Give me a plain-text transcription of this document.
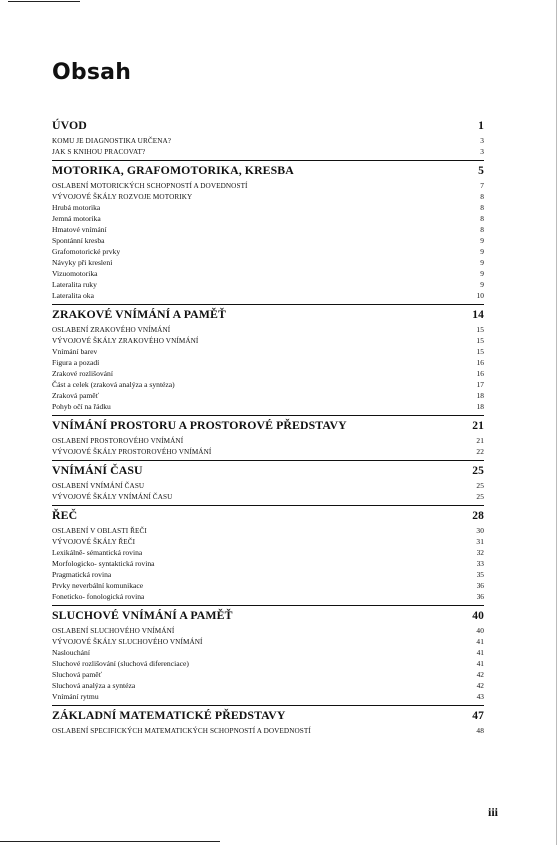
Obsah
ÚVOD	1
KOMU JE DIAGNOSTIKA URČENA?	3
JAK S KNIHOU PRACOVAT?	3
MOTORIKA, GRAFOMOTORIKA, KRESBA	5
OSLABENÍ MOTORICKÝCH SCHOPNOSTÍ A DOVEDNOSTÍ	7
VÝVOJOVÉ ŠKÁLY ROZVOJE MOTORIKY	8
Hrubá motorika	8
Jemná motorika	8
Hmatové vnímání	8
Spontánní kresba	9
Grafomotorické prvky	9
Návyky při kreslení	9
Vizuomotorika	9
Lateralita ruky	9
Lateralita oka	10
ZRAKOVÉ VNÍMÁNÍ A PAMĚŤ	14
OSLABENÍ ZRAKOVÉHO VNÍMÁNÍ	15
VÝVOJOVÉ ŠKÁLY ZRAKOVÉHO VNÍMÁNÍ	15
Vnímání barev	15
Figura a pozadí	16
Zrakové rozlišování	16
Část a celek (zraková analýza a syntéza)	17
Zraková paměť	18
Pohyb očí na řádku	18
VNÍMÁNÍ PROSTORU A PROSTOROVÉ PŘEDSTAVY	21
OSLABENÍ PROSTOROVÉHO VNÍMÁNÍ	21
VÝVOJOVÉ ŠKÁLY PROSTOROVÉHO VNÍMÁNÍ	22
VNÍMÁNÍ ČASU	25
OSLABENÍ VNÍMÁNÍ ČASU	25
VÝVOJOVÉ ŠKÁLY VNÍMÁNÍ ČASU	25
ŘEČ	28
OSLABENÍ V OBLASTI ŘEČI	30
VÝVOJOVÉ ŠKÁLY ŘEČI	31
Lexikálně- sémantická rovina	32
Morfologicko- syntaktická rovina	33
Pragmatická rovina	35
Prvky neverbální komunikace	36
Foneticko- fonologická rovina	36
SLUCHOVÉ VNÍMÁNÍ A PAMĚŤ	40
OSLABENÍ SLUCHOVÉHO VNÍMÁNÍ	40
VÝVOJOVÉ ŠKÁLY SLUCHOVÉHO VNÍMÁNÍ	41
Naslouchání	41
Sluchové rozlišování (sluchová diferenciace)	41
Sluchová paměť	42
Sluchová analýza a syntéza	42
Vnímání rytmu	43
ZÁKLADNÍ MATEMATICKÉ PŘEDSTAVY	47
OSLABENÍ SPECIFICKÝCH MATEMATICKÝCH SCHOPNOSTÍ A DOVEDNOSTÍ	48
iii
